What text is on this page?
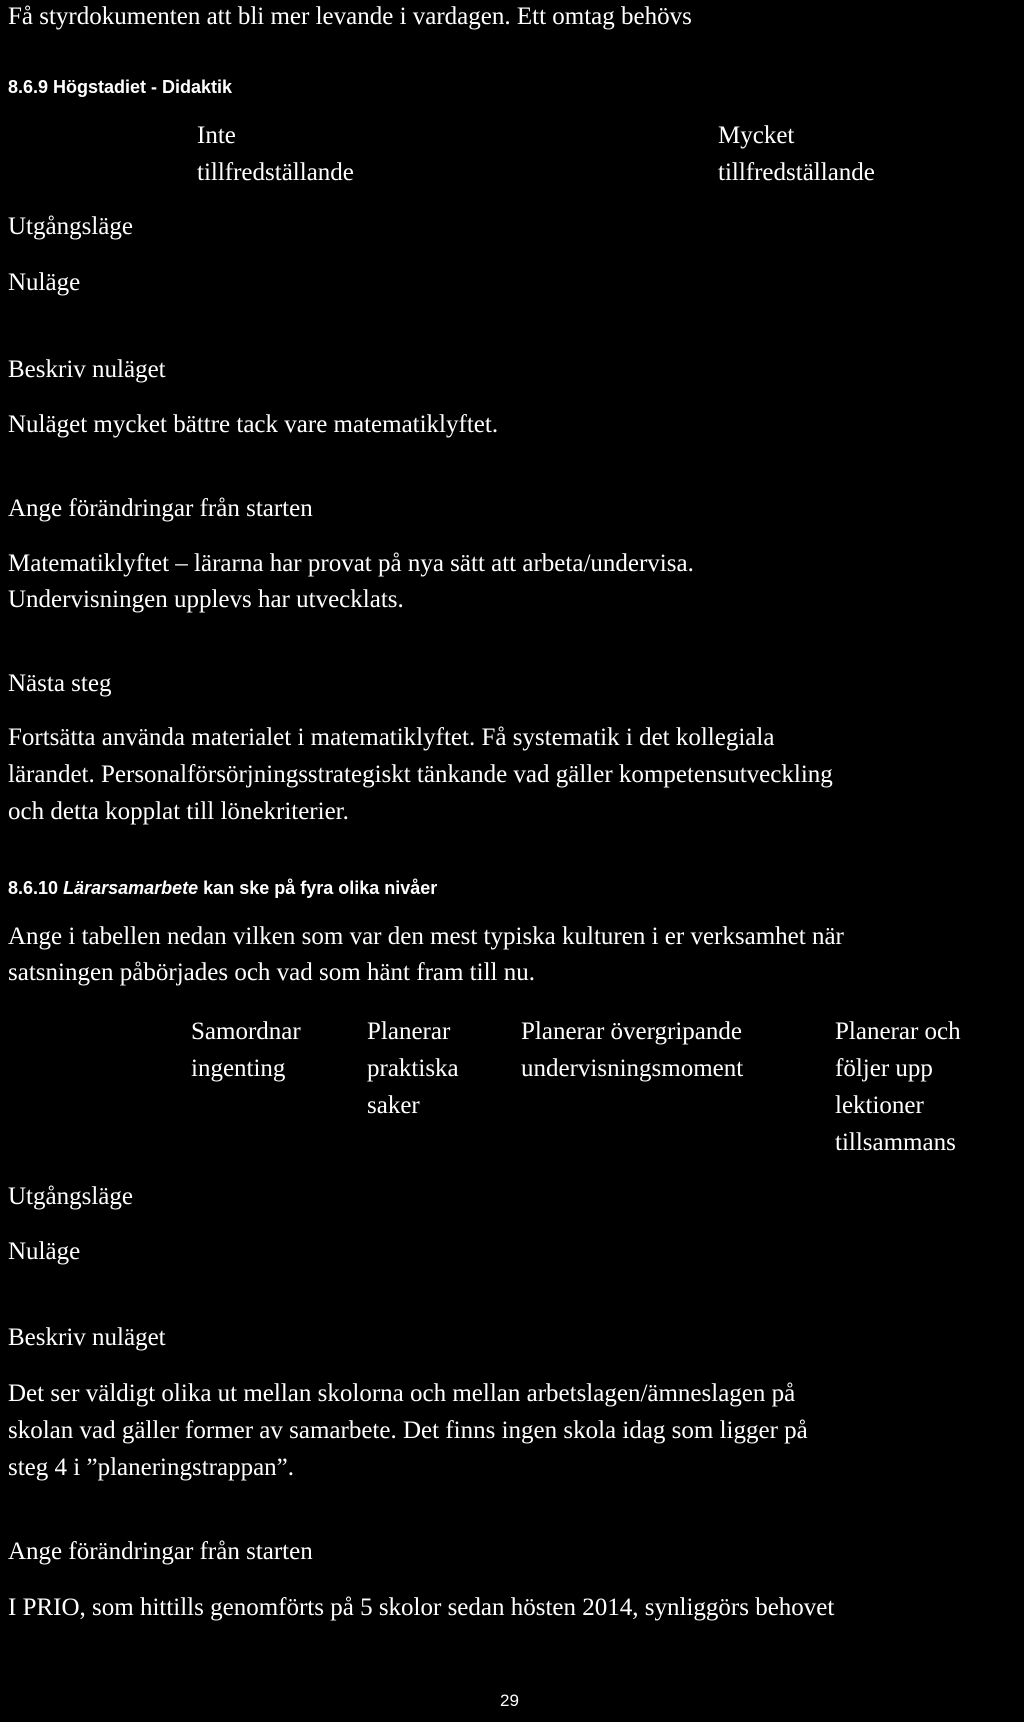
Få styrdokumenten att bli mer levande i vardagen. Ett omtag behövs
8.6.9 Högstadiet - Didaktik
Inte
tillfredställande
Mycket
tillfredställande
Utgångsläge
Nuläge
Beskriv nuläget
Nuläget mycket bättre tack vare matematiklyftet.
Ange förändringar från starten
Matematiklyftet – lärarna har provat på nya sätt att arbeta/undervisa.
Undervisningen upplevs har utvecklats.
Nästa steg
Fortsätta använda materialet i matematiklyftet. Få systematik i det kollegiala
lärandet. Personalförsörjningsstrategiskt tänkande vad gäller kompetensutveckling
och detta kopplat till lönekriterier.
8.6.10 Lärarsamarbete kan ske på fyra olika nivåer
Ange i tabellen nedan vilken som var den mest typiska kulturen i er verksamhet när
satsningen påbörjades och vad som hänt fram till nu.
Samordnar
ingenting
Planerar
praktiska
saker
Planerar övergripande
undervisningsmoment
Planerar och
följer upp
lektioner
tillsammans
Utgångsläge
Nuläge
Beskriv nuläget
Det ser väldigt olika ut mellan skolorna och mellan arbetslagen/ämneslagen på
skolan vad gäller former av samarbete. Det finns ingen skola idag som ligger på
steg 4 i ”planeringstrappan”.
Ange förändringar från starten
I PRIO, som hittills genomförts på 5 skolor sedan hösten 2014, synliggörs behovet
29
